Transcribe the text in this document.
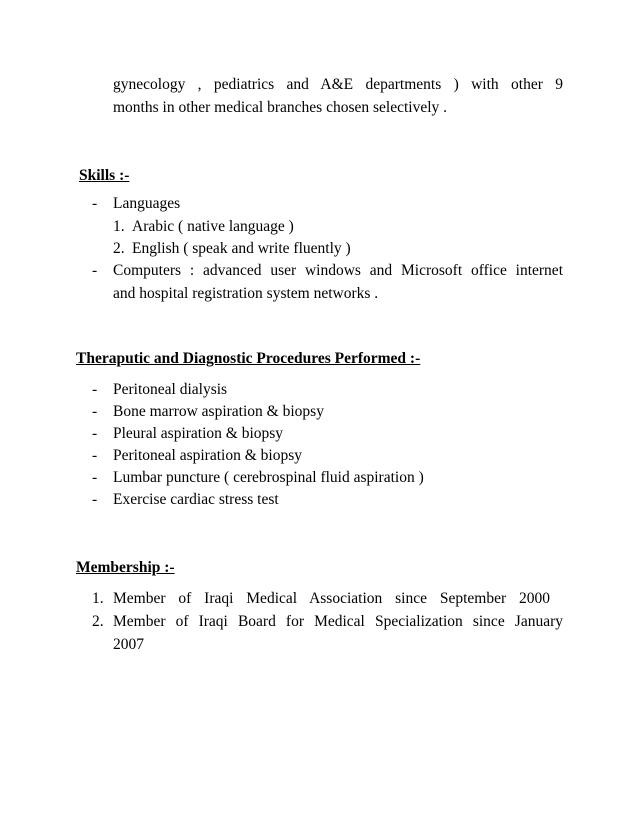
gynecology , pediatrics and A&E departments ) with other 9
months in other medical branches chosen selectively .
Skills :-
- Languages
1. Arabic ( native language )
2. English ( speak and write fluently )
- Computers : advanced user windows and Microsoft office internet
and hospital registration system networks .
Theraputic and Diagnostic Procedures Performed :-
- Peritoneal dialysis
- Bone marrow aspiration & biopsy
- Pleural aspiration & biopsy
- Peritoneal aspiration & biopsy
- Lumbar puncture ( cerebrospinal fluid aspiration )
- Exercise cardiac stress test
Membership :-
1. Member of Iraqi Medical Association since September 2000
2. Member of Iraqi Board for Medical Specialization since January
2007
